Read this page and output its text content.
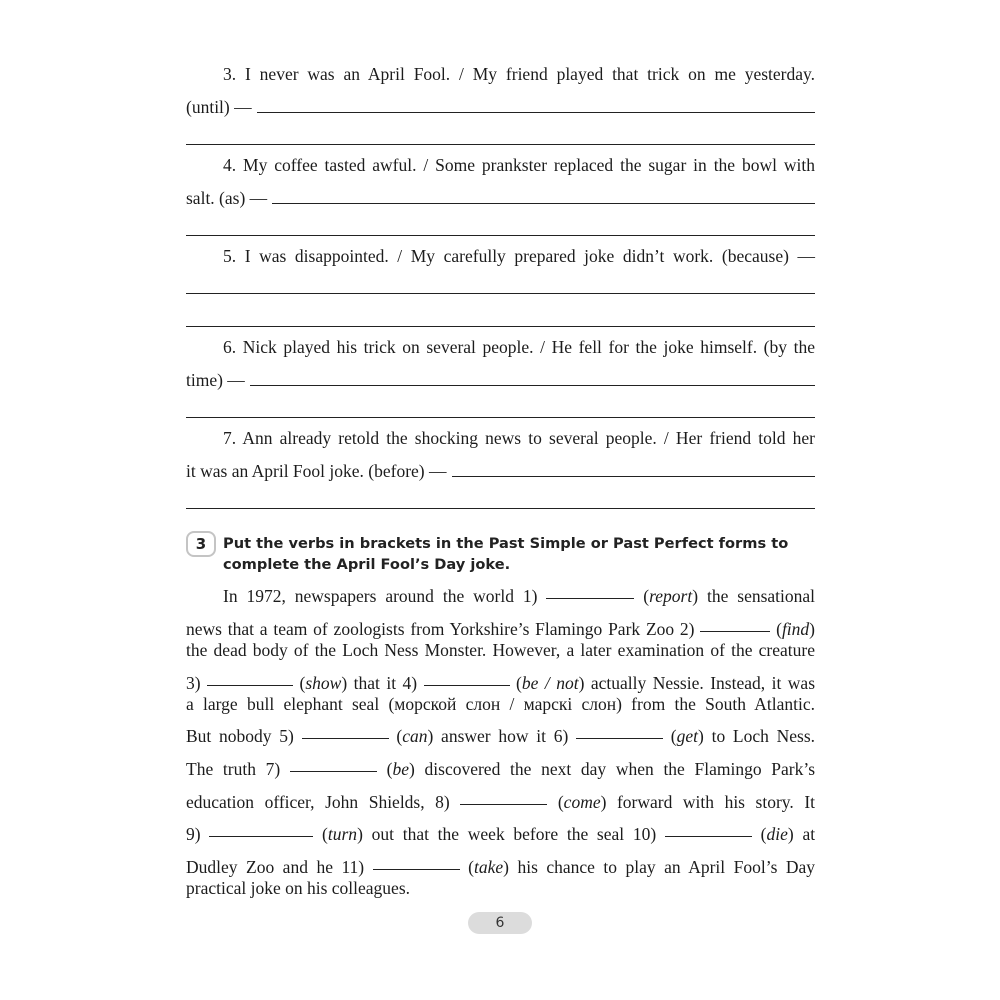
3. I never was an April Fool. / My friend played that trick on me yesterday.
(until) —
4. My coffee tasted awful. / Some prankster replaced the sugar in the bowl with
salt. (as) —
5. I was disappointed. / My carefully prepared joke didn’t work. (because) —
6. Nick played his trick on several people. / He fell for the joke himself. (by the
time) —
7. Ann already retold the shocking news to several people. / Her friend told her
it was an April Fool joke. (before) —
3	Put the verbs in brackets in the Past Simple or Past Perfect forms to complete the April Fool’s Day joke.
In 1972, newspapers around the world 1)	(report) the sensational
news that a team of zoologists from Yorkshire’s Flamingo Park Zoo 2)	(find)
the dead body of the Loch Ness Monster. However, a later examination of the creature
3)	(show) that it 4)	(be / not) actually Nessie. Instead, it was
a large bull elephant seal (морской слон / марскі слон) from the South Atlantic.
But nobody 5)	(can) answer how it 6)	(get) to Loch Ness.
The truth 7)	(be) discovered the next day when the Flamingo Park’s
education officer, John Shields, 8)	(come) forward with his story. It
9)	(turn) out that the week before the seal 10)	(die) at
Dudley Zoo and he 11)	(take) his chance to play an April Fool’s Day
practical joke on his colleagues.
6
